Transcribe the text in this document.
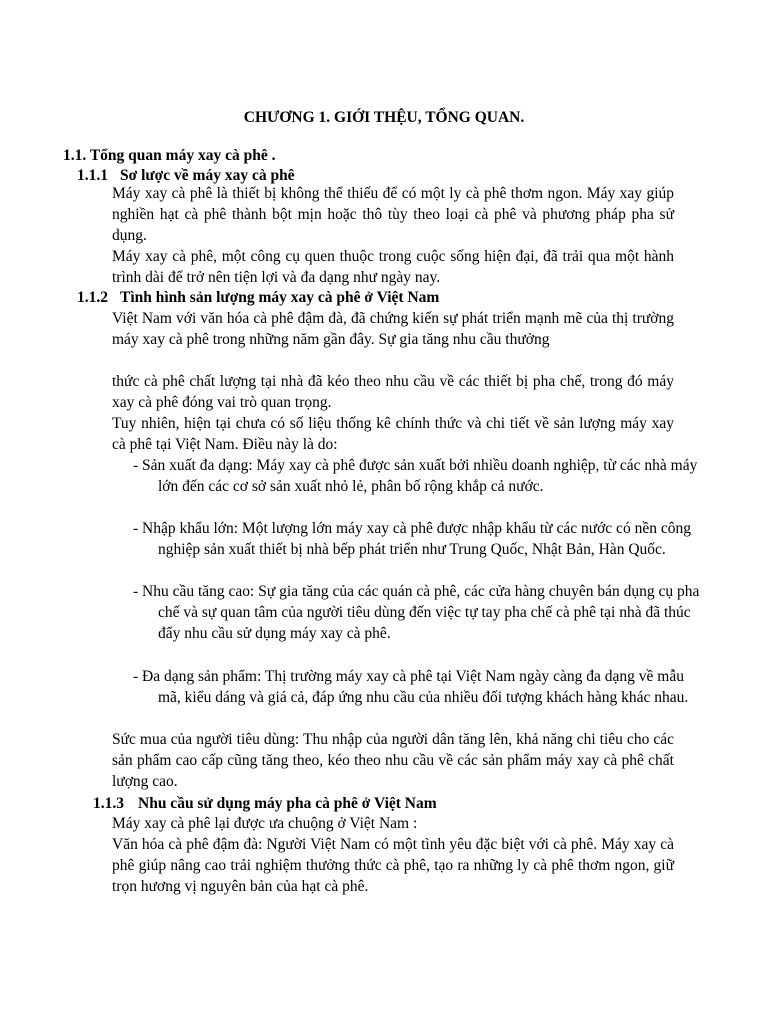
CHƯƠNG 1. GIỚI THỆU, TỔNG QUAN.
1.1. Tổng quan máy xay cà phê .
1.1.1 Sơ lược về máy xay cà phê
Máy xay cà phê là thiết bị không thể thiếu để có một ly cà phê thơm ngon. Máy xay giúp nghiền hạt cà phê thành bột mịn hoặc thô tùy theo loại cà phê và phương pháp pha sử dụng.
Máy xay cà phê, một công cụ quen thuộc trong cuộc sống hiện đại, đã trải qua một hành trình dài để trở nên tiện lợi và đa dạng như ngày nay.
1.1.2 Tình hình sản lượng máy xay cà phê ở Việt Nam
Việt Nam với văn hóa cà phê đậm đà, đã chứng kiến sự phát triển mạnh mẽ của thị trường máy xay cà phê trong những năm gần đây. Sự gia tăng nhu cầu thưởng
thức cà phê chất lượng tại nhà đã kéo theo nhu cầu về các thiết bị pha chế, trong đó máy xay cà phê đóng vai trò quan trọng.
Tuy nhiên, hiện tại chưa có số liệu thống kê chính thức và chi tiết về sản lượng máy xay cà phê tại Việt Nam. Điều này là do:
- Sản xuất đa dạng: Máy xay cà phê được sản xuất bởi nhiều doanh nghiệp, từ các nhà máy lớn đến các cơ sở sản xuất nhỏ lẻ, phân bố rộng khắp cả nước.
- Nhập khẩu lớn: Một lượng lớn máy xay cà phê được nhập khẩu từ các nước có nền công nghiệp sản xuất thiết bị nhà bếp phát triển như Trung Quốc, Nhật Bản, Hàn Quốc.
- Nhu cầu tăng cao: Sự gia tăng của các quán cà phê, các cửa hàng chuyên bán dụng cụ pha chế và sự quan tâm của người tiêu dùng đến việc tự tay pha chế cà phê tại nhà đã thúc đẩy nhu cầu sử dụng máy xay cà phê.
- Đa dạng sản phẩm: Thị trường máy xay cà phê tại Việt Nam ngày càng đa dạng về mẫu mã, kiểu dáng và giá cả, đáp ứng nhu cầu của nhiều đối tượng khách hàng khác nhau.
Sức mua của người tiêu dùng: Thu nhập của người dân tăng lên, khả năng chi tiêu cho các sản phẩm cao cấp cũng tăng theo, kéo theo nhu cầu về các sản phẩm máy xay cà phê chất lượng cao.
1.1.3 Nhu cầu sử dụng máy pha cà phê ở Việt Nam
Máy xay cà phê lại được ưa chuộng ở Việt Nam :
Văn hóa cà phê đậm đà: Người Việt Nam có một tình yêu đặc biệt với cà phê. Máy xay cà phê giúp nâng cao trải nghiệm thưởng thức cà phê, tạo ra những ly cà phê thơm ngon, giữ trọn hương vị nguyên bản của hạt cà phê.
